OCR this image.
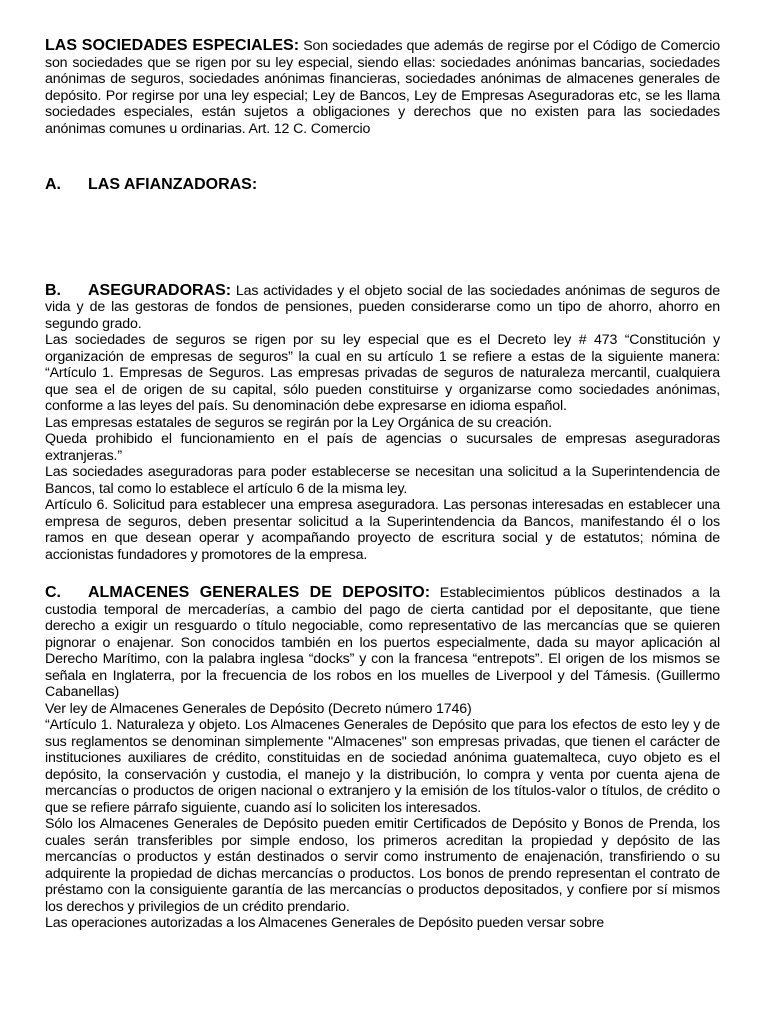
LAS SOCIEDADES ESPECIALES: Son sociedades que además de regirse por el Código de Comercio son sociedades que se rigen por su ley especial, siendo ellas: sociedades anónimas bancarias, sociedades anónimas de seguros, sociedades anónimas financieras, sociedades anónimas de almacenes generales de depósito. Por regirse por una ley especial; Ley de Bancos, Ley de Empresas Aseguradoras etc, se les llama sociedades especiales, están sujetos a obligaciones y derechos que no existen para las sociedades anónimas comunes u ordinarias. Art. 12 C. Comercio

A. LAS AFIANZADORAS:

B. ASEGURADORAS: Las actividades y el objeto social de las sociedades anónimas de seguros de vida y de las gestoras de fondos de pensiones, pueden considerarse como un tipo de ahorro, ahorro en segundo grado.

Las sociedades de seguros se rigen por su ley especial que es el Decreto ley # 473 “Constitución y organización de empresas de seguros” la cual en su artículo 1 se refiere a estas de la siguiente manera: “Artículo 1. Empresas de Seguros. Las empresas privadas de seguros de naturaleza mercantil, cualquiera que sea el de origen de su capital, sólo pueden constituirse y organizarse como sociedades anónimas, conforme a las leyes del país. Su denominación debe expresarse en idioma español.

Las empresas estatales de seguros se regirán por la Ley Orgánica de su creación.

Queda prohibido el funcionamiento en el país de agencias o sucursales de empresas aseguradoras extranjeras.”

Las sociedades aseguradoras para poder establecerse se necesitan una solicitud a la Superintendencia de Bancos, tal como lo establece el artículo 6 de la misma ley.

Artículo 6. Solicitud para establecer una empresa aseguradora. Las personas interesadas en establecer una empresa de seguros, deben presentar solicitud a la Superintendencia da Bancos, manifestando él o los ramos en que desean operar y acompañando proyecto de escritura social y de estatutos; nómina de accionistas fundadores y promotores de la empresa.

C. ALMACENES GENERALES DE DEPOSITO: Establecimientos públicos destinados a la custodia temporal de mercaderías, a cambio del pago de cierta cantidad por el depositante, que tiene derecho a exigir un resguardo o título negociable, como representativo de las mercancías que se quieren pignorar o enajenar. Son conocidos también en los puertos especialmente, dada su mayor aplicación al Derecho Marítimo, con la palabra inglesa “docks” y con la francesa “entrepots”. El origen de los mismos se señala en Inglaterra, por la frecuencia de los robos en los muelles de Liverpool y del Támesis. (Guillermo Cabanellas)

Ver ley de Almacenes Generales de Depósito (Decreto número 1746)

“Artículo 1. Naturaleza y objeto. Los Almacenes Generales de Depósito que para los efectos de esto ley y de sus reglamentos se denominan simplemente "Almacenes" son empresas privadas, que tienen el carácter de instituciones auxiliares de crédito, constituidas en de sociedad anónima guatemalteca, cuyo objeto es el depósito, la conservación y custodia, el manejo y la distribución, lo compra y venta por cuenta ajena de mercancías o productos de origen nacional o extranjero y la emisión de los títulos-valor o títulos, de crédito o que se refiere párrafo siguiente, cuando así lo soliciten los interesados.

Sólo los Almacenes Generales de Depósito pueden emitir Certificados de Depósito y Bonos de Prenda, los cuales serán transferibles por simple endoso, los primeros acreditan la propiedad y depósito de las mercancías o productos y están destinados o servir como instrumento de enajenación, transfiriendo o su adquirente la propiedad de dichas mercancías o productos. Los bonos de prendo representan el contrato de préstamo con la consiguiente garantía de las mercancías o productos depositados, y confiere por sí mismos los derechos y privilegios de un crédito prendario.

Las operaciones autorizadas a los Almacenes Generales de Depósito pueden versar sobre
